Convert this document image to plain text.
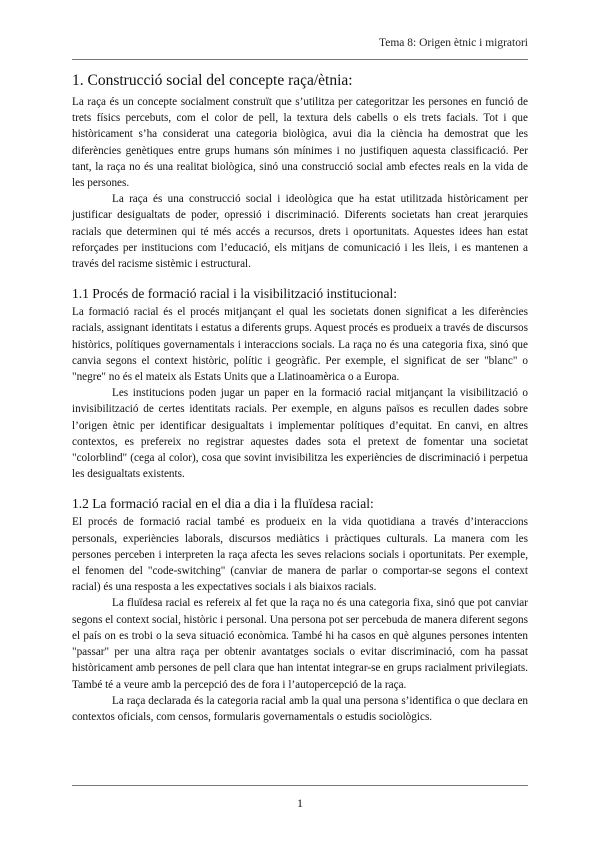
Tema 8: Origen ètnic i migratori
1. Construcció social del concepte raça/ètnia:

La raça és un concepte socialment construït que s’utilitza per categoritzar les persones en funció de trets físics percebuts, com el color de pell, la textura dels cabells o els trets facials. Tot i que històricament s’ha considerat una categoria biològica, avui dia la ciència ha demostrat que les diferències genètiques entre grups humans són mínimes i no justifiquen aquesta classificació. Per tant, la raça no és una realitat biològica, sinó una construcció social amb efectes reals en la vida de les persones.

La raça és una construcció social i ideològica que ha estat utilitzada històricament per justificar desigualtats de poder, opressió i discriminació. Diferents societats han creat jerarquies racials que determinen qui té més accés a recursos, drets i oportunitats. Aquestes idees han estat reforçades per institucions com l’educació, els mitjans de comunicació i les lleis, i es mantenen a través del racisme sistèmic i estructural.

1.1 Procés de formació racial i la visibilització institucional:

La formació racial és el procés mitjançant el qual les societats donen significat a les diferències racials, assignant identitats i estatus a diferents grups. Aquest procés es produeix a través de discursos històrics, polítiques governamentals i interaccions socials. La raça no és una categoria fixa, sinó que canvia segons el context històric, polític i geogràfic. Per exemple, el significat de ser "blanc" o "negre" no és el mateix als Estats Units que a Llatinoamèrica o a Europa.

Les institucions poden jugar un paper en la formació racial mitjançant la visibilització o invisibilització de certes identitats racials. Per exemple, en alguns països es recullen dades sobre l’origen ètnic per identificar desigualtats i implementar polítiques d’equitat. En canvi, en altres contextos, es prefereix no registrar aquestes dades sota el pretext de fomentar una societat "colorblind" (cega al color), cosa que sovint invisibilitza les experiències de discriminació i perpetua les desigualtats existents.

1.2 La formació racial en el dia a dia i la fluïdesa racial:

El procés de formació racial també es produeix en la vida quotidiana a través d’interaccions personals, experiències laborals, discursos mediàtics i pràctiques culturals. La manera com les persones perceben i interpreten la raça afecta les seves relacions socials i oportunitats. Per exemple, el fenomen del "code-switching" (canviar de manera de parlar o comportar-se segons el context racial) és una resposta a les expectatives socials i als biaixos racials.

La fluïdesa racial es refereix al fet que la raça no és una categoria fixa, sinó que pot canviar segons el context social, històric i personal. Una persona pot ser percebuda de manera diferent segons el país on es trobi o la seva situació econòmica. També hi ha casos en què algunes persones intenten "passar" per una altra raça per obtenir avantatges socials o evitar discriminació, com ha passat històricament amb persones de pell clara que han intentat integrar-se en grups racialment privilegiats. També té a veure amb la percepció des de fora i l’autopercepció de la raça.

La raça declarada és la categoria racial amb la qual una persona s’identifica o que declara en contextos oficials, com censos, formularis governamentals o estudis sociològics.

1
